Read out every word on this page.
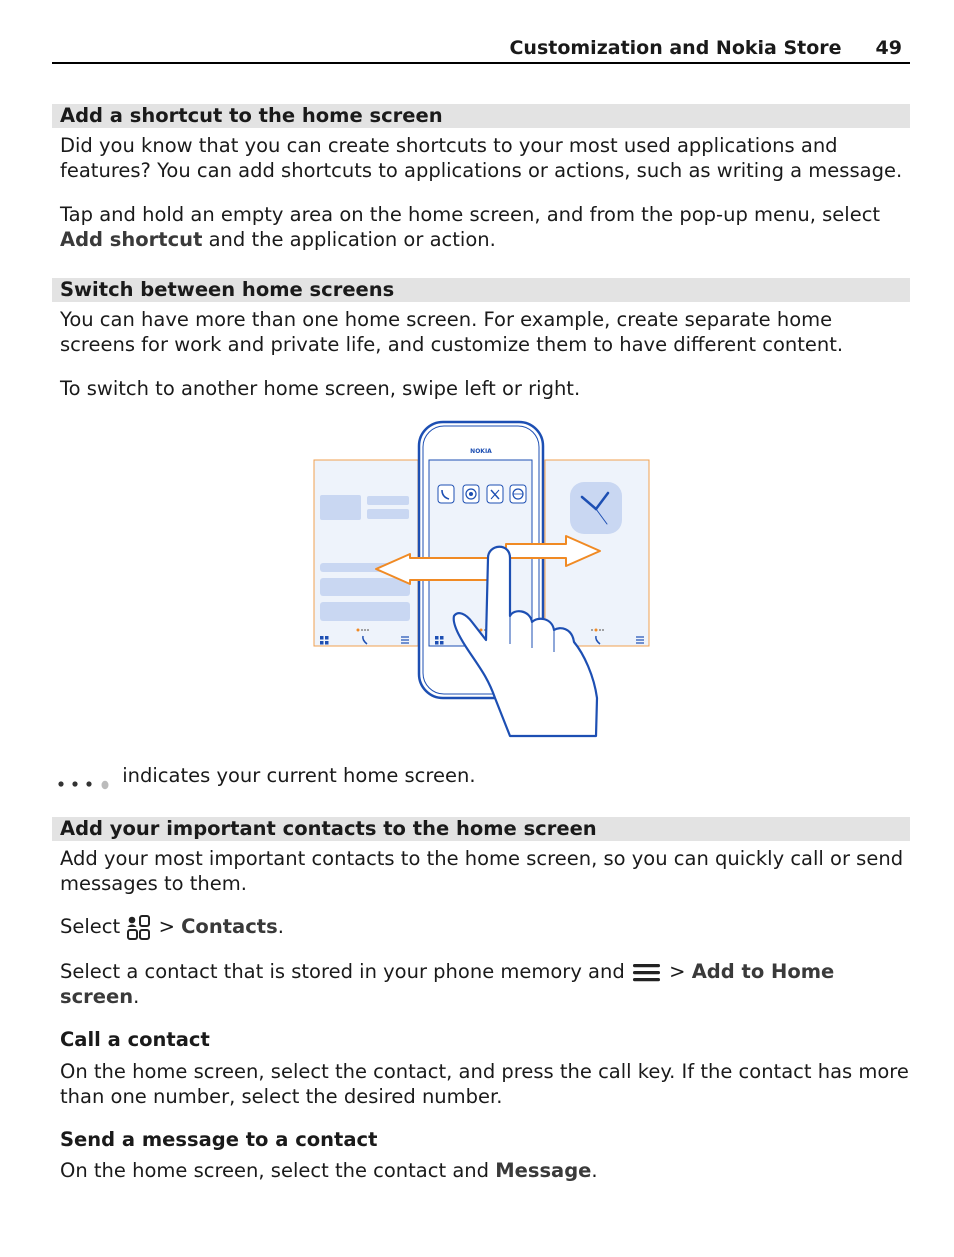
Customization and Nokia Store 49
Add a shortcut to the home screen
Did you know that you can create shortcuts to your most used applications and features? You can add shortcuts to applications or actions, such as writing a message.
Tap and hold an empty area on the home screen, and from the pop-up menu, select
Add shortcut and the application or action.
Switch between home screens
You can have more than one home screen. For example, create separate home screens for work and private life, and customize them to have different content.
To switch to another home screen, swipe left or right.
NOKIA
indicates your current home screen.
Add your important contacts to the home screen
Add your most important contacts to the home screen, so you can quickly call or send messages to them.
Select  > Contacts.
Select a contact that is stored in your phone memory and  > Add to Home screen.
Call a contact
On the home screen, select the contact, and press the call key. If the contact has more than one number, select the desired number.
Send a message to a contact
On the home screen, select the contact and Message.
